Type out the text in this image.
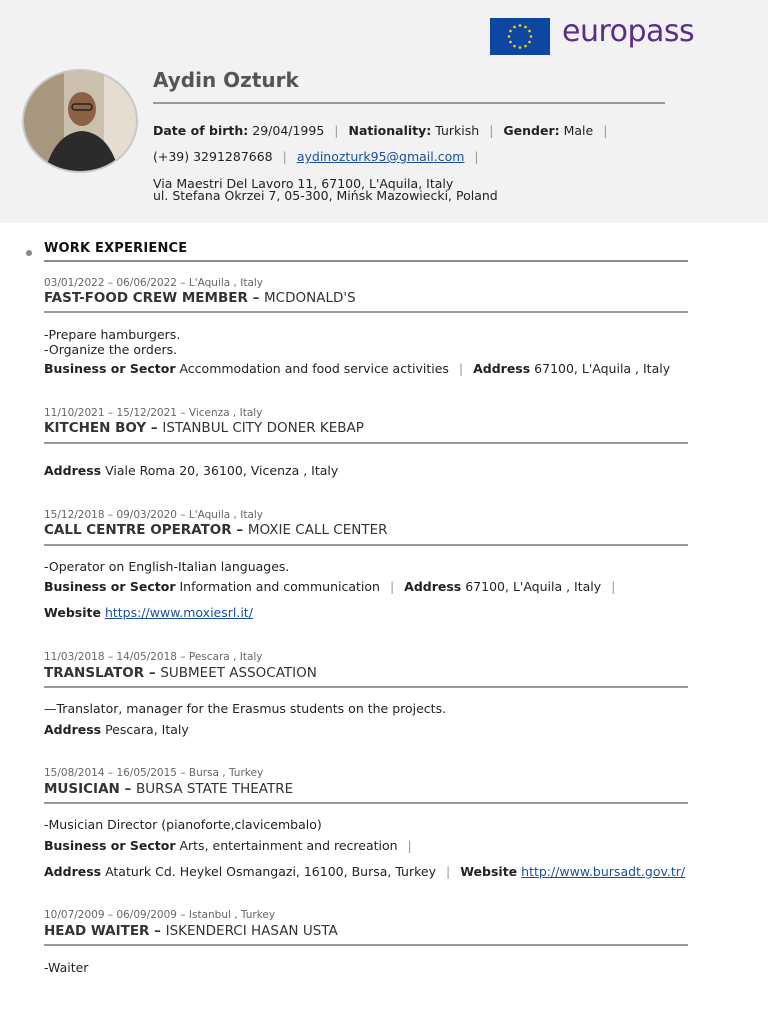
europass
Aydin Ozturk
Date of birth: 29/04/1995 | Nationality: Turkish | Gender: Male |
(+39) 3291287668 | aydinozturk95@gmail.com |
Via Maestri Del Lavoro 11, 67100, L'Aquila, Italy
ul. Stefana Okrzei 7, 05-300, Mińsk Mazowiecki, Poland
WORK EXPERIENCE
03/01/2022 – 06/06/2022 – L'Aquila , Italy
FAST-FOOD CREW MEMBER – MCDONALD'S
-Prepare hamburgers.
-Organize the orders.
Business or Sector Accommodation and food service activities | Address 67100, L'Aquila , Italy
11/10/2021 – 15/12/2021 – Vicenza , Italy
KITCHEN BOY – ISTANBUL CITY DONER KEBAP
Address Viale Roma 20, 36100, Vicenza , Italy
15/12/2018 – 09/03/2020 – L'Aquila , Italy
CALL CENTRE OPERATOR – MOXIE CALL CENTER
-Operator on English-Italian languages.
Business or Sector Information and communication | Address 67100, L'Aquila , Italy |
Website https://www.moxiesrl.it/
11/03/2018 – 14/05/2018 – Pescara , Italy
TRANSLATOR – SUBMEET ASSOCATION
—Translator, manager for the Erasmus students on the projects.
Address Pescara, Italy
15/08/2014 – 16/05/2015 – Bursa , Turkey
MUSICIAN – BURSA STATE THEATRE
-Musician Director (pianoforte,clavicembalo)
Business or Sector Arts, entertainment and recreation |
Address Ataturk Cd. Heykel Osmangazi, 16100, Bursa, Turkey | Website http://www.bursadt.gov.tr/
10/07/2009 – 06/09/2009 – Istanbul , Turkey
HEAD WAITER – ISKENDERCI HASAN USTA
-Waiter
